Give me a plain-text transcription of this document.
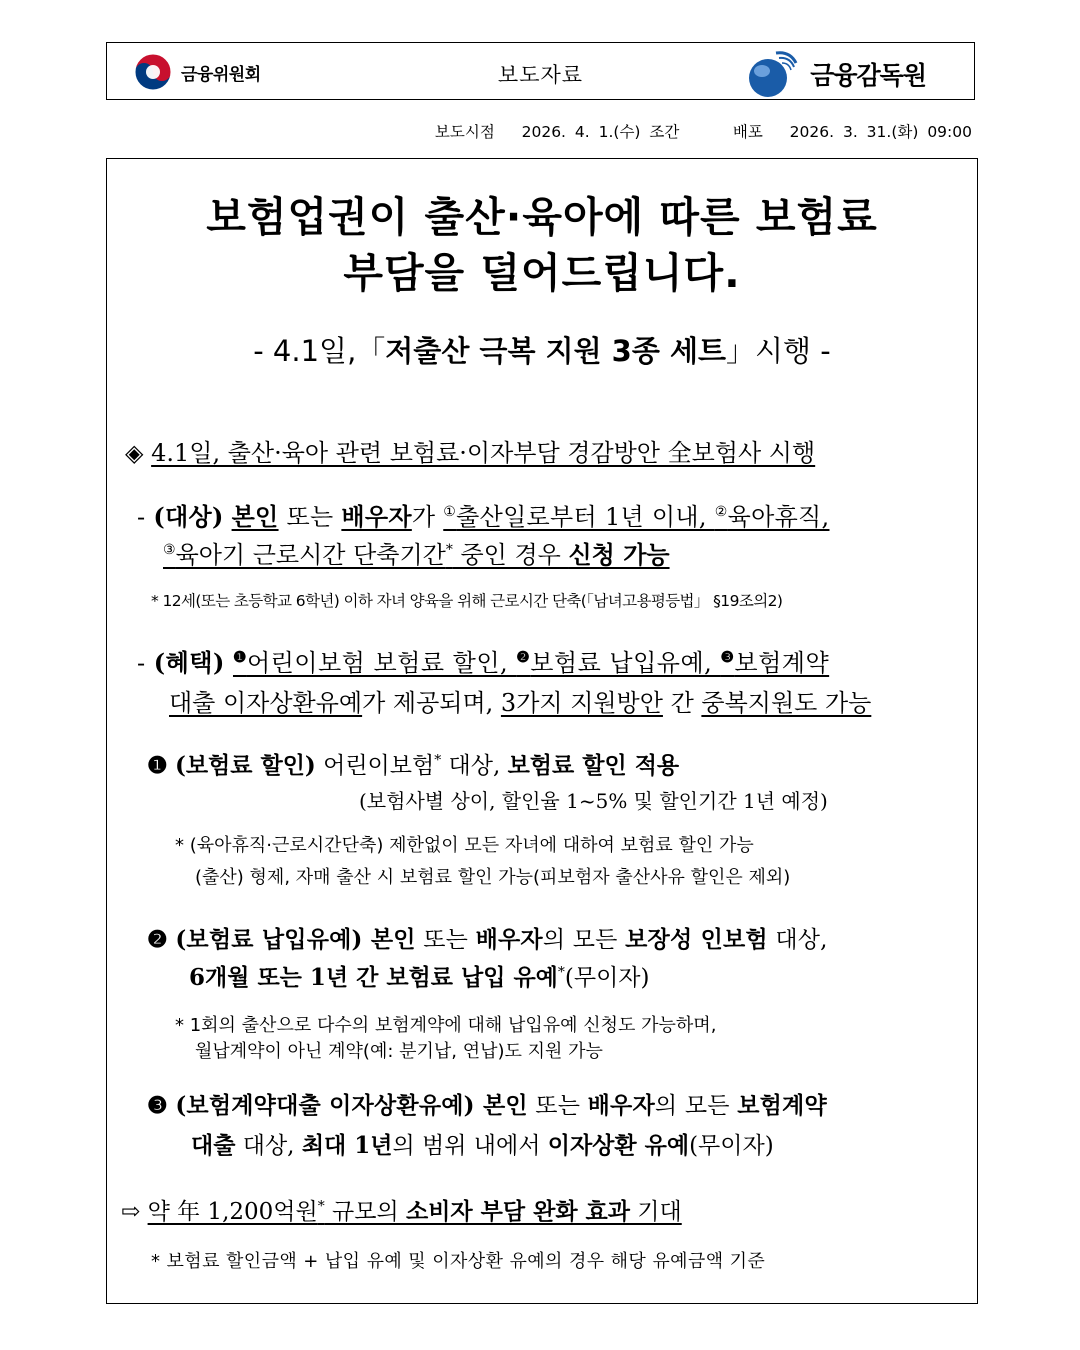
금융위원회	보도자료	금융감독원
보도시점 2026. 4. 1.(수) 조간	배포 2026. 3. 31.(화) 09:00
보험업권이 출산·육아에 따른 보험료
부담을 덜어드립니다.
- 4.1일,「저출산 극복 지원 3종 세트」시행 -
◈ 4.1일, 출산·육아 관련 보험료·이자부담 경감방안 全보험사 시행
- (대상) 본인 또는 배우자가 ①출산일로부터 1년 이내, ②육아휴직,
③육아기 근로시간 단축기간* 중인 경우 신청 가능
* 12세(또는 초등학교 6학년) 이하 자녀 양육을 위해 근로시간 단축(「남녀고용평등법」 §19조의2)
- (혜택) $^❶$어린이보험 보험료 할인, $^❷$보험료 납입유예, $^❸$보험계약
대출 이자상환유예가 제공되며, 3가지 지원방안 간 중복지원도 가능
❶ (보험료 할인) 어린이보험* 대상, 보험료 할인 적용
(보험사별 상이, 할인율 1~5% 및 할인기간 1년 예정)
* (육아휴직·근로시간단축) 제한없이 모든 자녀에 대하여 보험료 할인 가능
(출산) 형제, 자매 출산 시 보험료 할인 가능(피보험자 출산사유 할인은 제외)
❷ (보험료 납입유예) 본인 또는 배우자의 모든 보장성 인보험 대상,
6개월 또는 1년 간 보험료 납입 유예*(무이자)
* 1회의 출산으로 다수의 보험계약에 대해 납입유예 신청도 가능하며,
월납계약이 아닌 계약(예: 분기납, 연납)도 지원 가능
❸ (보험계약대출 이자상환유예) 본인 또는 배우자의 모든 보험계약
대출 대상, 최대 1년의 범위 내에서 이자상환 유예(무이자)
⇨ 약 年 1,200억원* 규모의 소비자 부담 완화 효과 기대
* 보험료 할인금액 + 납입 유예 및 이자상환 유예의 경우 해당 유예금액 기준
